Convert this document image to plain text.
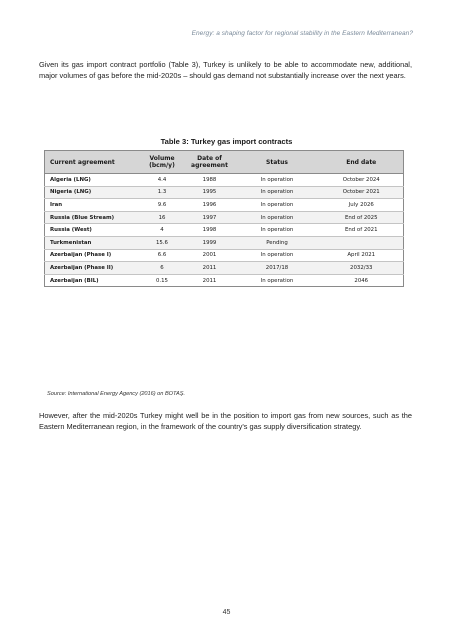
Energy: a shaping factor for regional stability in the Eastern Mediterranean?

Given its gas import contract portfolio (Table 3), Turkey is unlikely to be able to accommodate new, additional, major volumes of gas before the mid-2020s – should gas demand not substantially increase over the next years.

Table 3: Turkey gas import contracts
Current agreement	Volume (bcm/y)	Date of agreement	Status	End date
Algeria (LNG)	4.4	1988	In operation	October 2024
Nigeria (LNG)	1.3	1995	In operation	October 2021
Iran	9.6	1996	In operation	July 2026
Russia (Blue Stream)	16	1997	In operation	End of 2025
Russia (West)	4	1998	In operation	End of 2021
Turkmenistan	15.6	1999	Pending	
Azerbaijan (Phase I)	6.6	2001	In operation	April 2021
Azerbaijan (Phase II)	6	2011	2017/18	2032/33
Azerbaijan (BIL)	0.15	2011	In operation	2046
Source: International Energy Agency (2016) on BOTAŞ.

However, after the mid-2020s Turkey might well be in the position to import gas from new sources, such as the Eastern Mediterranean region, in the framework of the country's gas supply diversification strategy.

45
